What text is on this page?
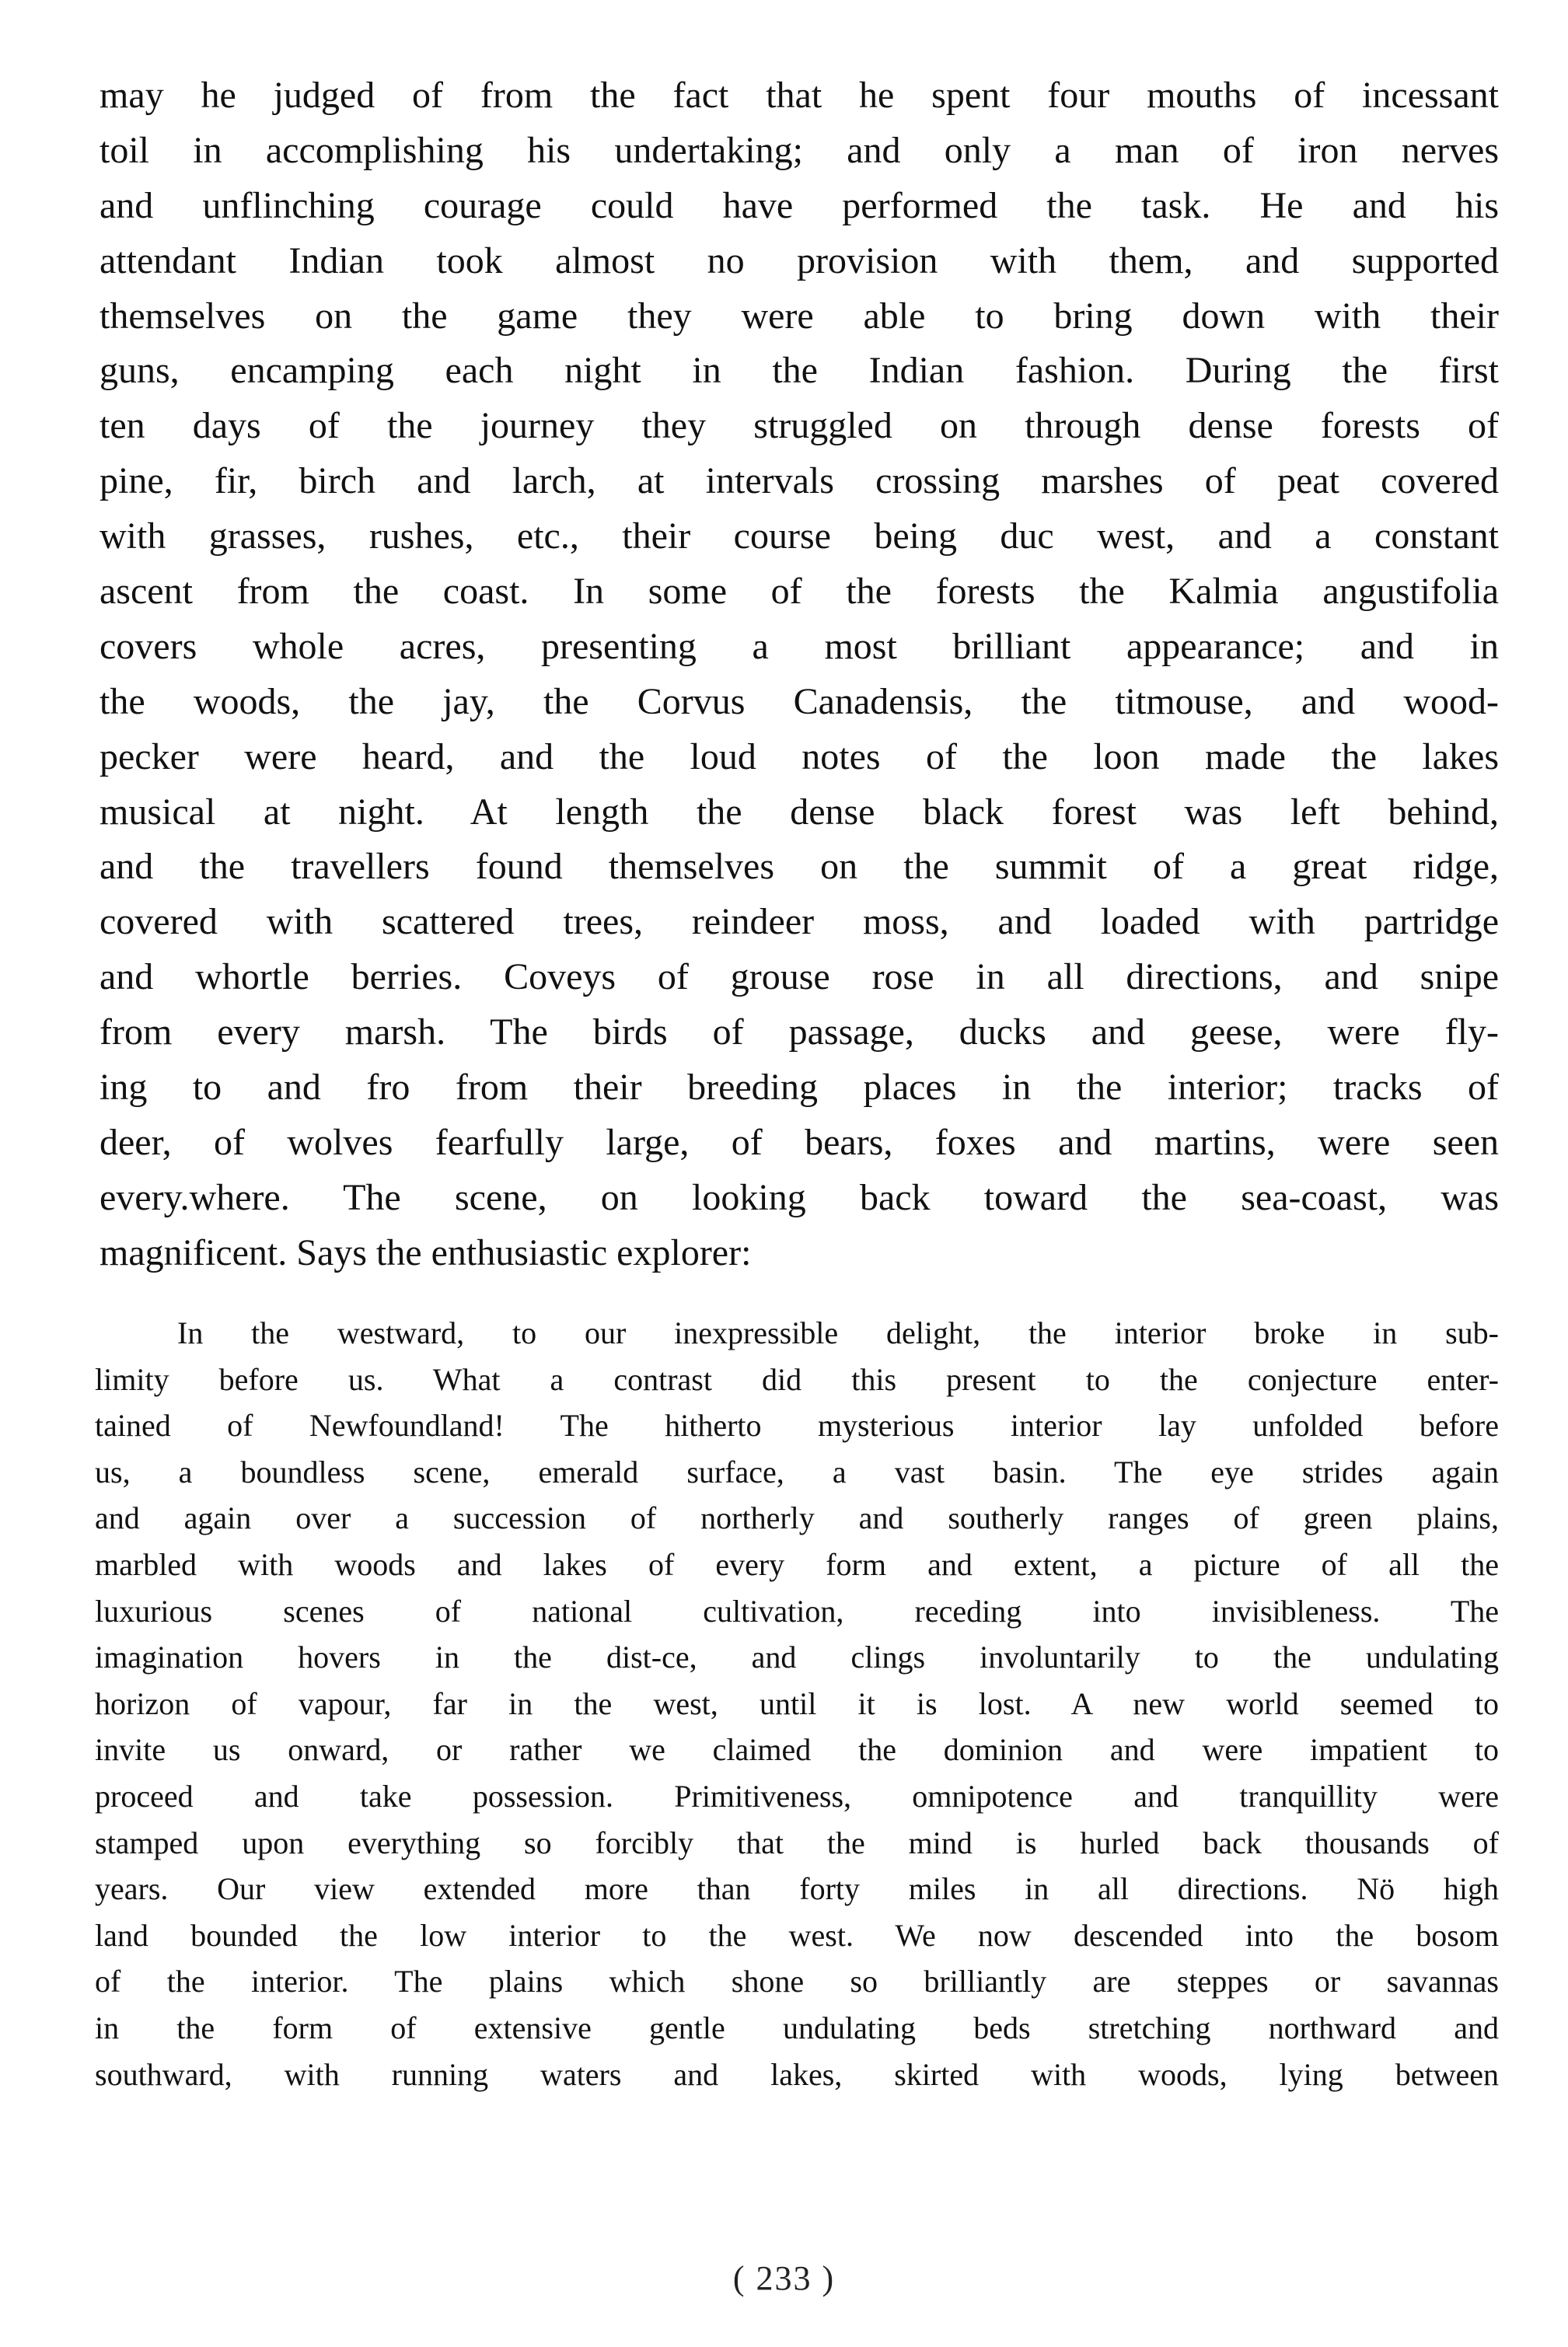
may he judged of from the fact that he spent four mouths of incessant
toil in accomplishing his undertaking; and only a man of iron nerves
and unflinching courage could have performed the task. He and his
attendant Indian took almost no provision with them, and supported
themselves on the game they were able to bring down with their
guns, encamping each night in the Indian fashion. During the first
ten days of the journey they struggled on through dense forests of
pine, fir, birch and larch, at intervals crossing marshes of peat covered
with grasses, rushes, etc., their course being duc west, and a constant
ascent from the coast. In some of the forests the Kalmia angustifolia
covers whole acres, presenting a most brilliant appearance; and in
the woods, the jay, the Corvus Canadensis, the titmouse, and wood-
pecker were heard, and the loud notes of the loon made the lakes
musical at night. At length the dense black forest was left behind,
and the travellers found themselves on the summit of a great ridge,
covered with scattered trees, reindeer moss, and loaded with partridge
and whortle berries. Coveys of grouse rose in all directions, and snipe
from every marsh. The birds of passage, ducks and geese, were fly-
ing to and fro from their breeding places in the interior; tracks of
deer, of wolves fearfully large, of bears, foxes and martins, were seen
every.where. The scene, on looking back toward the sea-coast, was
magnificent. Says the enthusiastic explorer:
In the westward, to our inexpressible delight, the interior broke in sub-
limity before us. What a contrast did this present to the conjecture enter-
tained of Newfoundland! The hitherto mysterious interior lay unfolded before
us, a boundless scene, emerald surface, a vast basin. The eye strides again
and again over a succession of northerly and southerly ranges of green plains,
marbled with woods and lakes of every form and extent, a picture of all the
luxurious scenes of national cultivation, receding into invisibleness. The
imagination hovers in the dist-ce, and clings involuntarily to the undulating
horizon of vapour, far in the west, until it is lost. A new world seemed to
invite us onward, or rather we claimed the dominion and were impatient to
proceed and take possession. Primitiveness, omnipotence and tranquillity were
stamped upon everything so forcibly that the mind is hurled back thousands of
years. Our view extended more than forty miles in all directions. Nö high
land bounded the low interior to the west. We now descended into the bosom
of the interior. The plains which shone so brilliantly are steppes or savannas
in the form of extensive gentle undulating beds stretching northward and
southward, with running waters and lakes, skirted with woods, lying between
( 233 )
